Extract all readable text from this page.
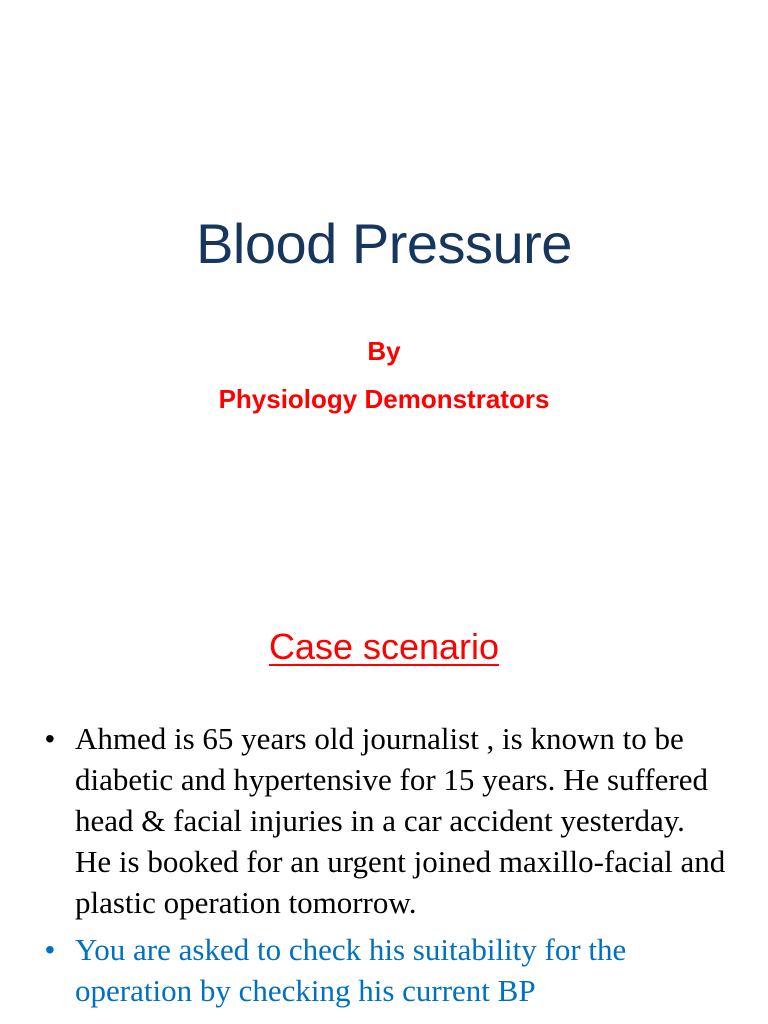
Blood Pressure
By
Physiology Demonstrators
Case scenario
• Ahmed is 65 years old journalist , is known to be diabetic and hypertensive for 15 years. He suffered head & facial injuries in a car accident yesterday. He is booked for an urgent joined maxillo-facial and plastic operation tomorrow.
• You are asked to check his suitability for the operation by checking his current BP
